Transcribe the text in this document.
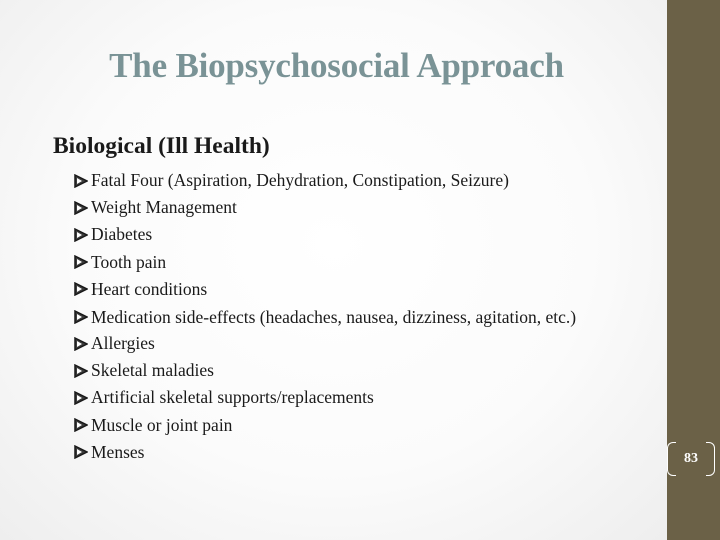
The Biopsychosocial Approach
Biological (Ill Health)
Fatal Four (Aspiration, Dehydration, Constipation, Seizure)
Weight Management
Diabetes
Tooth pain
Heart conditions
Medication side-effects (headaches, nausea, dizziness, agitation, etc.)
Allergies
Skeletal maladies
Artificial skeletal supports/replacements
Muscle or joint pain
Menses	83
